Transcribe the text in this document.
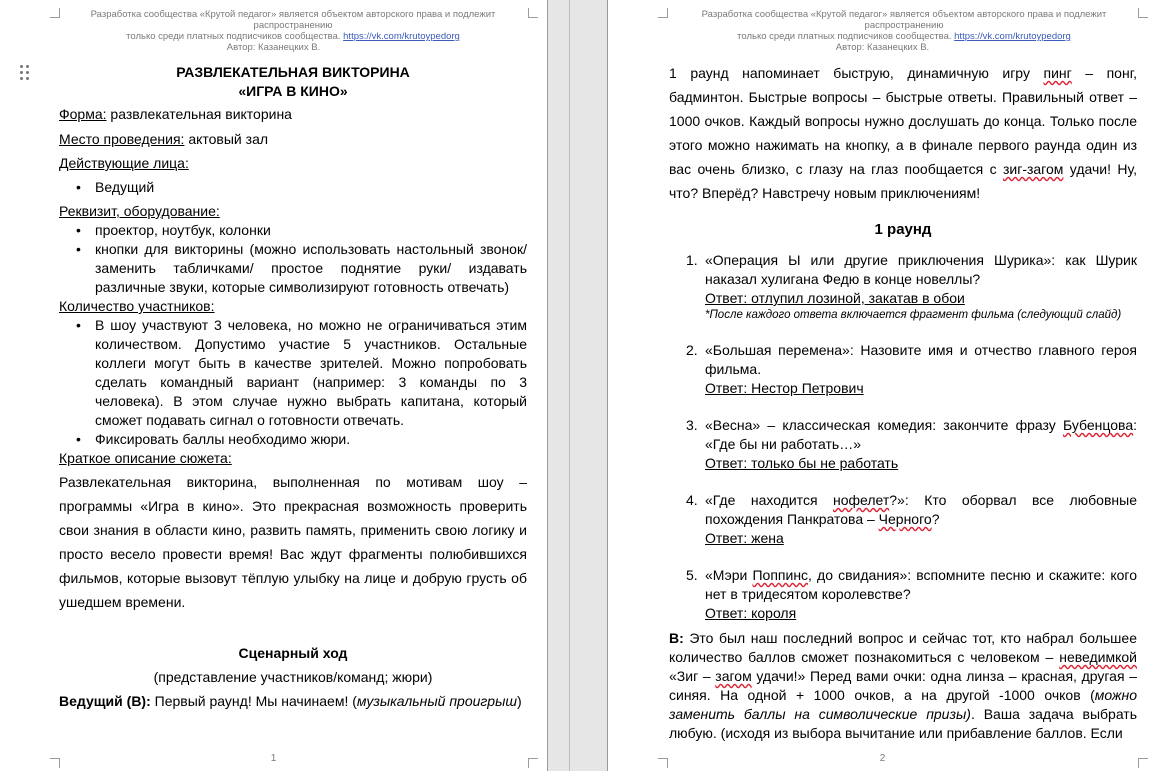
Разработка сообщества «Крутой педагог» является объектом авторского права и подлежит распространению
только среди платных подписчиков сообщества. https://vk.com/krutoypedorg
Автор: Казанецких В.
РАЗВЛЕКАТЕЛЬНАЯ ВИКТОРИНА
«ИГРА В КИНО»
Форма: развлекательная викторина
Место проведения: актовый зал
Действующие лица:
• Ведущий
Реквизит, оборудование:
• проектор, ноутбук, колонки
• кнопки для викторины (можно использовать настольный звонок/ заменить табличками/ простое поднятие руки/ издавать различные звуки, которые символизируют готовность отвечать)
Количество участников:
• В шоу участвуют 3 человека, но можно не ограничиваться этим количеством. Допустимо участие 5 участников. Остальные коллеги могут быть в качестве зрителей. Можно попробовать сделать командный вариант (например: 3 команды по 3 человека). В этом случае нужно выбрать капитана, который сможет подавать сигнал о готовности отвечать.
• Фиксировать баллы необходимо жюри.
Краткое описание сюжета:
Развлекательная викторина, выполненная по мотивам шоу – программы «Игра в кино». Это прекрасная возможность проверить свои знания в области кино, развить память, применить свою логику и просто весело провести время! Вас ждут фрагменты полюбившихся фильмов, которые вызовут тёплую улыбку на лице и добрую грусть об ушедшем времени.
Сценарный ход
(представление участников/команд; жюри)
Ведущий (В): Первый раунд! Мы начинаем! (музыкальный проигрыш)
1
Разработка сообщества «Крутой педагог» является объектом авторского права и подлежит распространению
только среди платных подписчиков сообщества. https://vk.com/krutoypedorg
Автор: Казанецких В.
1 раунд напоминает быструю, динамичную игру пинг – понг, бадминтон. Быстрые вопросы – быстрые ответы. Правильный ответ – 1000 очков. Каждый вопросы нужно дослушать до конца. Только после этого можно нажимать на кнопку, а в финале первого раунда один из вас очень близко, с глазу на глаз пообщается с зиг-загом удачи! Ну, что? Вперёд? Навстречу новым приключениям!
1 раунд
1. «Операция Ы или другие приключения Шурика»: как Шурик наказал хулигана Федю в конце новеллы?
Ответ: отлупил лозиной, закатав в обои
*После каждого ответа включается фрагмент фильма (следующий слайд)
2. «Большая перемена»: Назовите имя и отчество главного героя фильма.
Ответ: Нестор Петрович
3. «Весна» – классическая комедия: закончите фразу Бубенцова: «Где бы ни работать…»
Ответ: только бы не работать
4. «Где находится нофелет?»: Кто оборвал все любовные похождения Панкратова – Черного?
Ответ: жена
5. «Мэри Поппинс, до свидания»: вспомните песню и скажите: кого нет в тридесятом королевстве?
Ответ: короля
В: Это был наш последний вопрос и сейчас тот, кто набрал большее количество баллов сможет познакомиться с человеком – неведимкой «Зиг – загом удачи!» Перед вами очки: одна линза – красная, другая – синяя. На одной + 1000 очков, а на другой -1000 очков (можно заменить баллы на символические призы). Ваша задача выбрать любую. (исходя из выбора вычитание или прибавление баллов. Если
2
